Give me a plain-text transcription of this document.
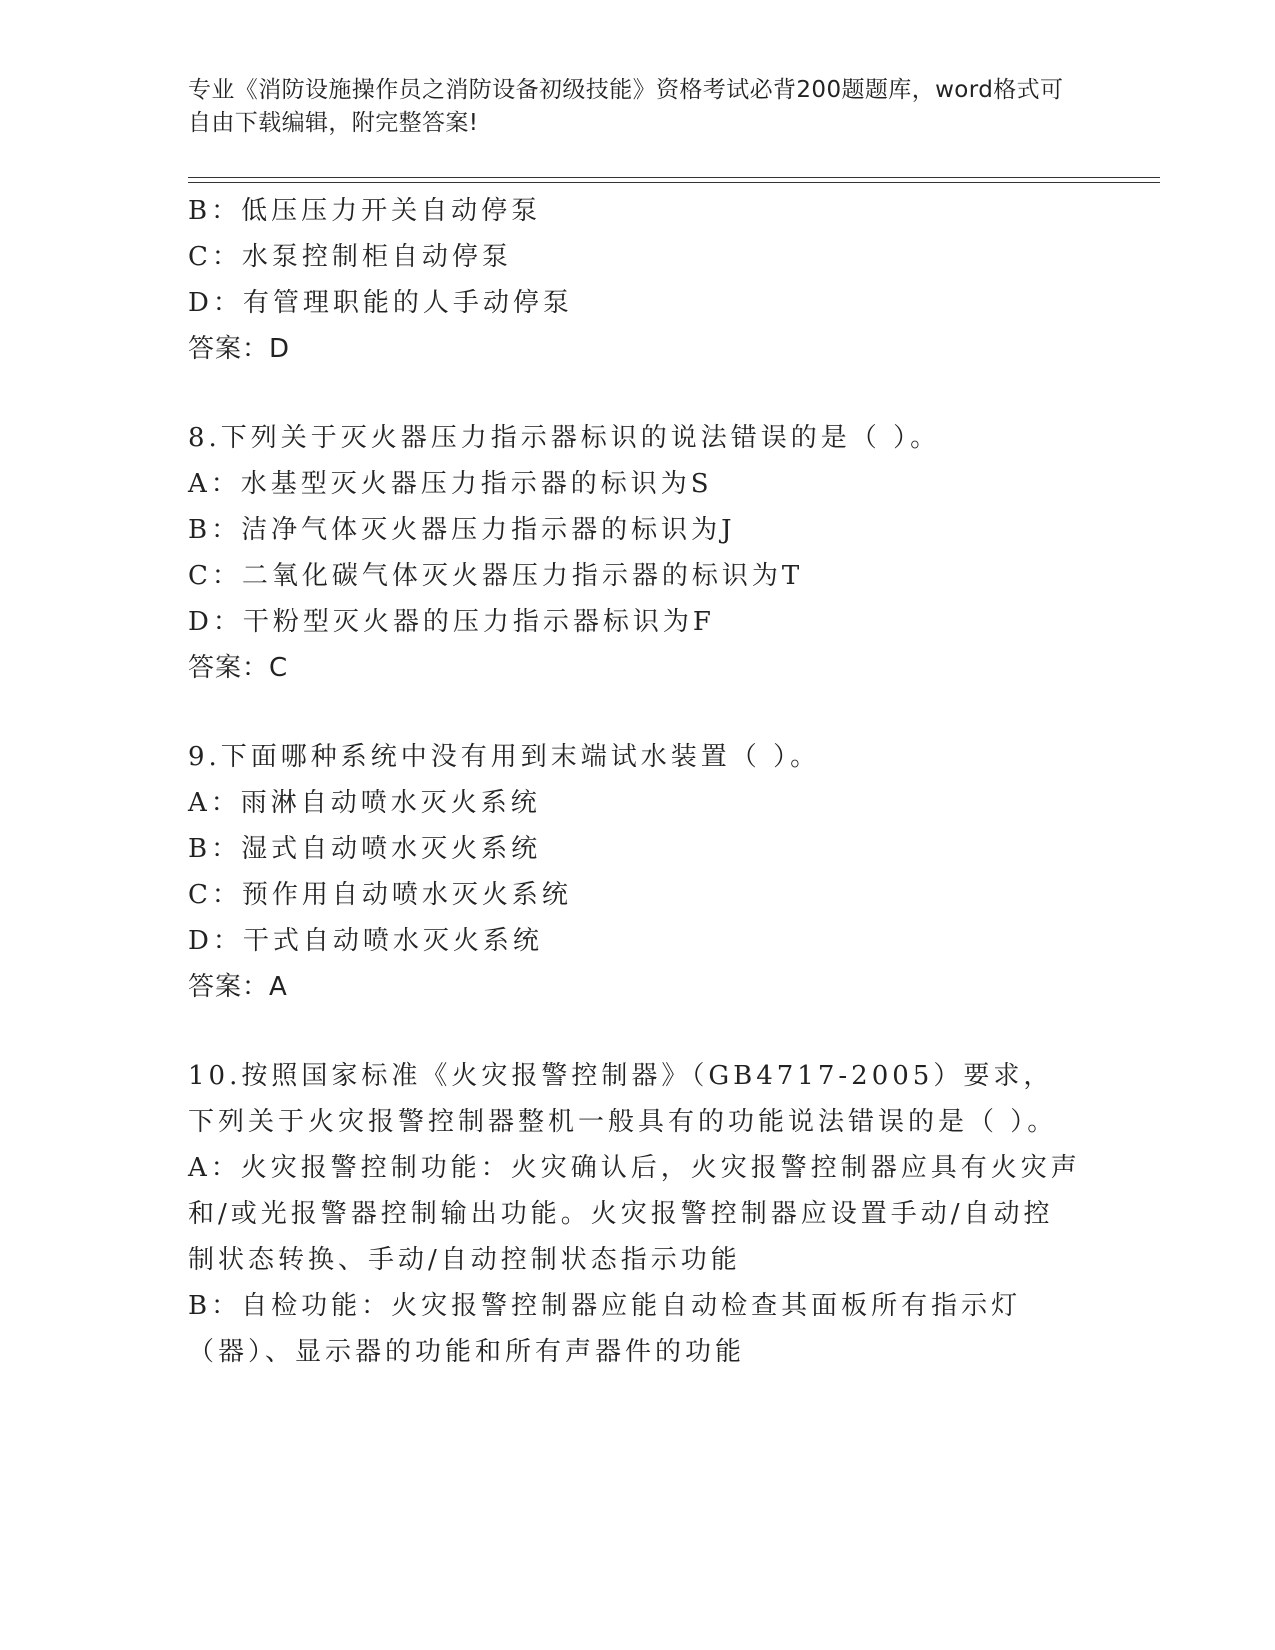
专业《消防设施操作员之消防设备初级技能》资格考试必背200题题库，word格式可自由下载编辑，附完整答案!
B：低压压力开关自动停泵
C：水泵控制柜自动停泵
D：有管理职能的人手动停泵
答案：D
8.下列关于灭火器压力指示器标识的说法错误的是（ ）。
A：水基型灭火器压力指示器的标识为S
B：洁净气体灭火器压力指示器的标识为J
C：二氧化碳气体灭火器压力指示器的标识为T
D：干粉型灭火器的压力指示器标识为F
答案：C
9.下面哪种系统中没有用到末端试水装置（ ）。
A：雨淋自动喷水灭火系统
B：湿式自动喷水灭火系统
C：预作用自动喷水灭火系统
D：干式自动喷水灭火系统
答案：A
10.按照国家标准《火灾报警控制器》（GB4717-2005）要求，下列关于火灾报警控制器整机一般具有的功能说法错误的是（ ）。
A：火灾报警控制功能：火灾确认后，火灾报警控制器应具有火灾声和/或光报警器控制输出功能。火灾报警控制器应设置手动/自动控制状态转换、手动/自动控制状态指示功能
B：自检功能：火灾报警控制器应能自动检查其面板所有指示灯（器）、显示器的功能和所有声器件的功能
